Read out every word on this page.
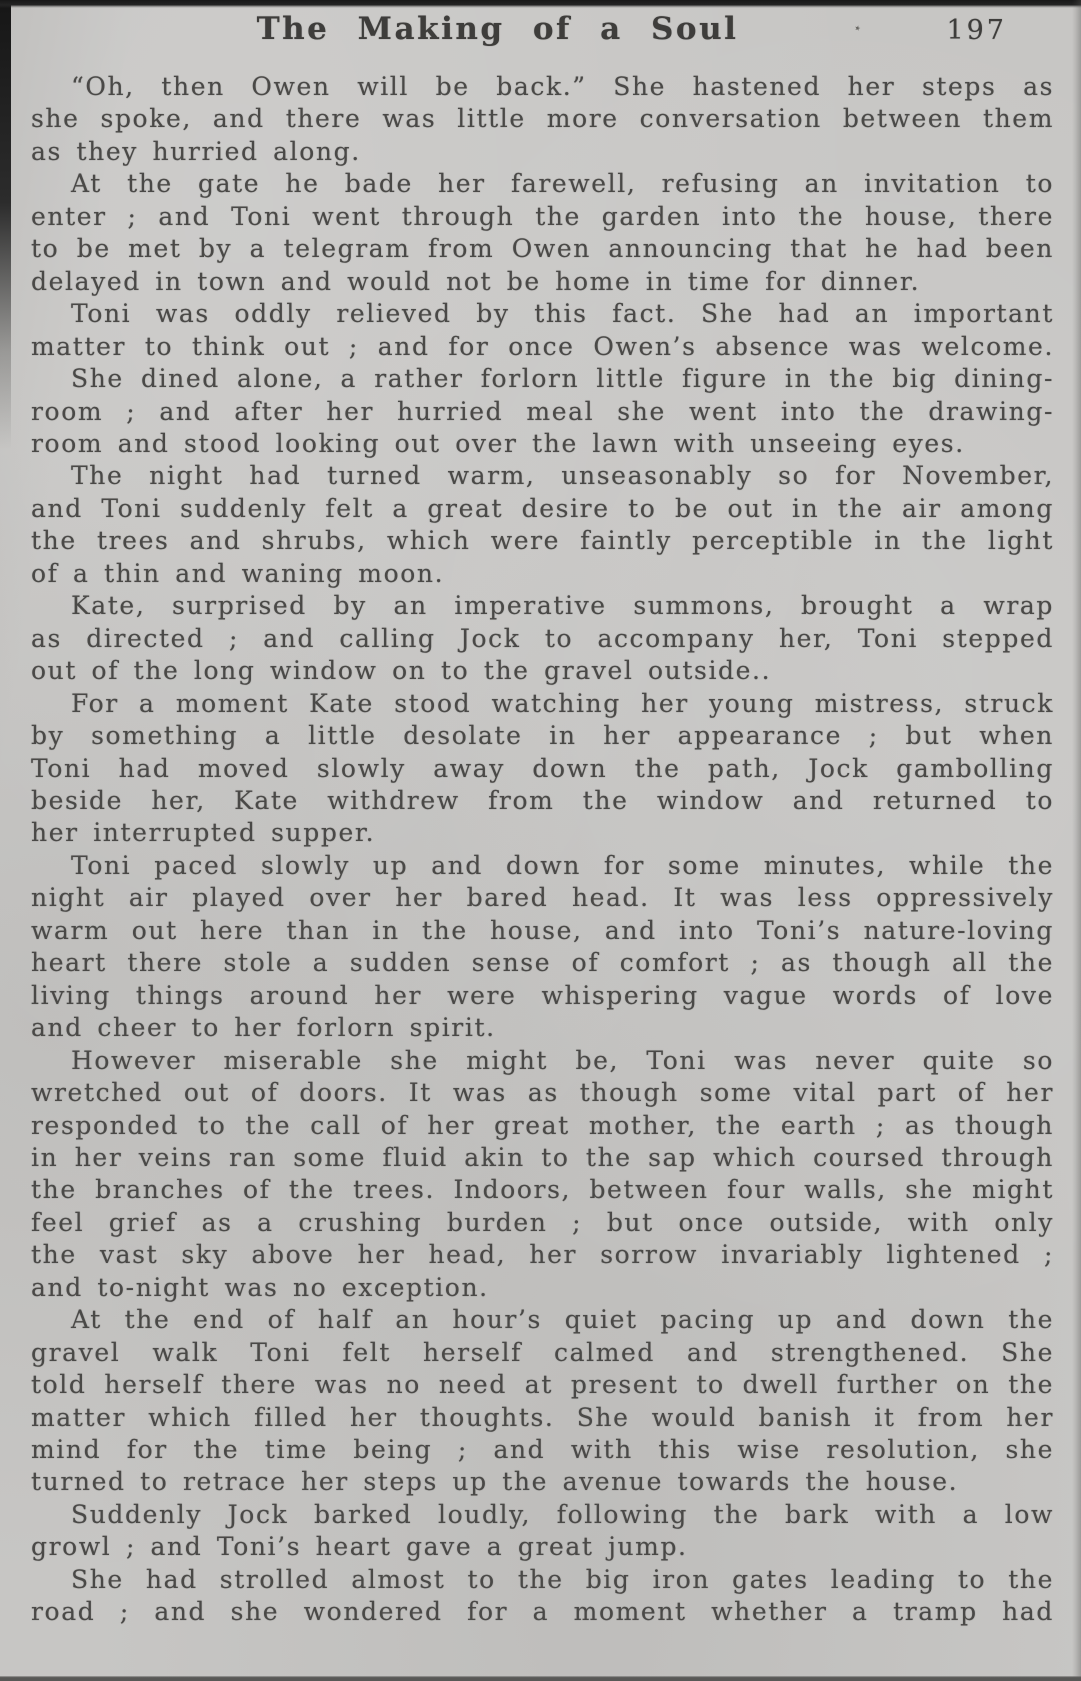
The Making of a Soul	٭	197
“Oh, then Owen will be back.” She hastened her steps as
she spoke, and there was little more conversation between them
as they hurried along.
At the gate he bade her farewell, refusing an invitation to
enter ; and Toni went through the garden into the house, there
to be met by a telegram from Owen announcing that he had been
delayed in town and would not be home in time for dinner.
Toni was oddly relieved by this fact. She had an important
matter to think out ; and for once Owen’s absence was welcome.
She dined alone, a rather forlorn little figure in the big dining-
room ; and after her hurried meal she went into the drawing-
room and stood looking out over the lawn with unseeing eyes.
The night had turned warm, unseasonably so for November,
and Toni suddenly felt a great desire to be out in the air among
the trees and shrubs, which were faintly perceptible in the light
of a thin and waning moon.
Kate, surprised by an imperative summons, brought a wrap
as directed ; and calling Jock to accompany her, Toni stepped
out of the long window on to the gravel outside..
For a moment Kate stood watching her young mistress, struck
by something a little desolate in her appearance ; but when
Toni had moved slowly away down the path, Jock gambolling
beside her, Kate withdrew from the window and returned to
her interrupted supper.
Toni paced slowly up and down for some minutes, while the
night air played over her bared head. It was less oppressively
warm out here than in the house, and into Toni’s nature-loving
heart there stole a sudden sense of comfort ; as though all the
living things around her were whispering vague words of love
and cheer to her forlorn spirit.
However miserable she might be, Toni was never quite so
wretched out of doors. It was as though some vital part of her
responded to the call of her great mother, the earth ; as though
in her veins ran some fluid akin to the sap which coursed through
the branches of the trees. Indoors, between four walls, she might
feel grief as a crushing burden ; but once outside, with only
the vast sky above her head, her sorrow invariably lightened ;
and to-night was no exception.
At the end of half an hour’s quiet pacing up and down the
gravel walk Toni felt herself calmed and strengthened. She
told herself there was no need at present to dwell further on the
matter which filled her thoughts. She would banish it from her
mind for the time being ; and with this wise resolution, she
turned to retrace her steps up the avenue towards the house.
Suddenly Jock barked loudly, following the bark with a low
growl ; and Toni’s heart gave a great jump.
She had strolled almost to the big iron gates leading to the
road ; and she wondered for a moment whether a tramp had
